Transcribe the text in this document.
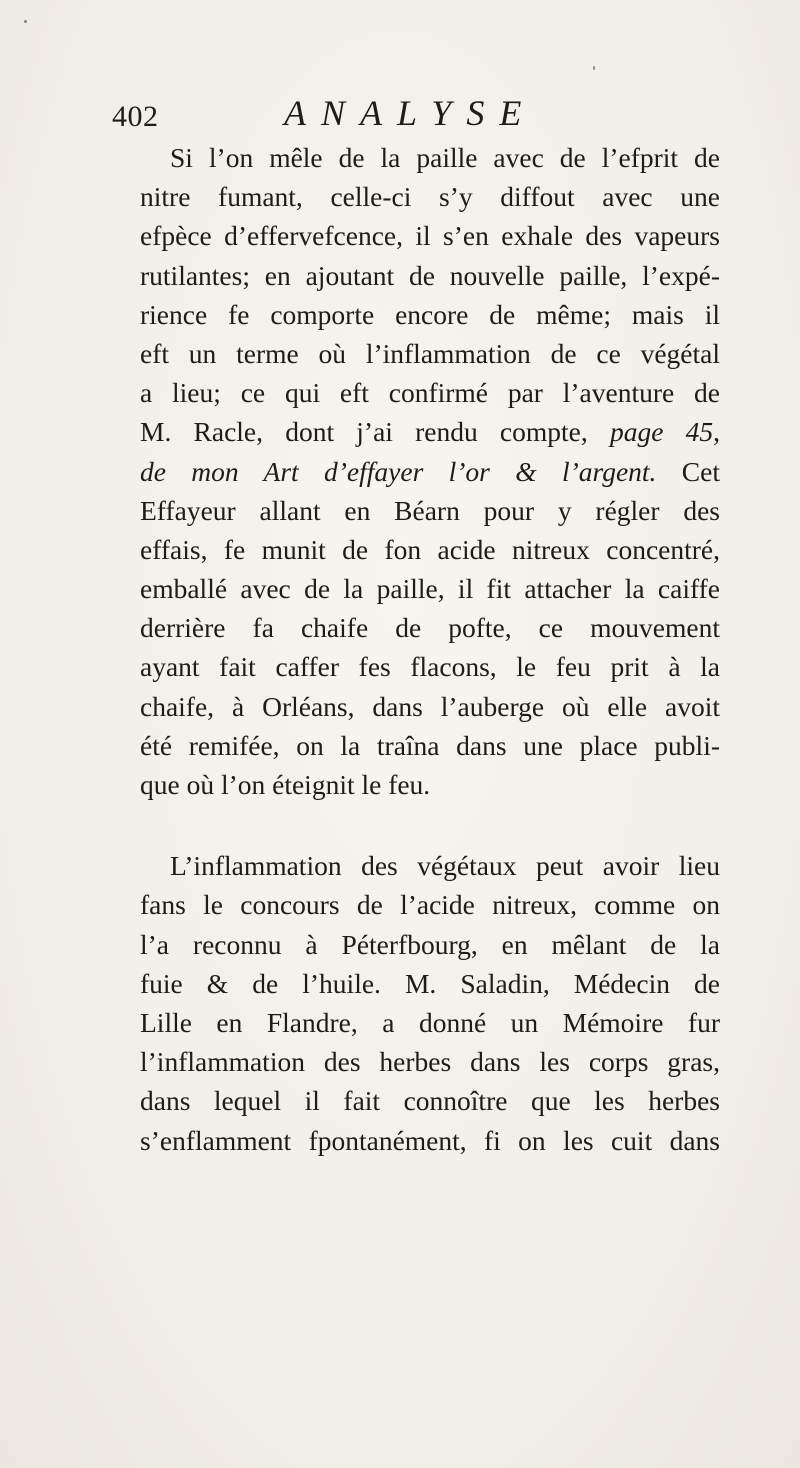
402	ANALYSE
Si l’on mêle de la paille avec de l’efprit de
nitre fumant, celle-ci s’y diffout avec une
efpèce d’effervefcence, il s’en exhale des vapeurs
rutilantes; en ajoutant de nouvelle paille, l’expé-
rience fe comporte encore de même; mais il
eft un terme où l’inflammation de ce végétal
a lieu; ce qui eft confirmé par l’aventure de
M. Racle, dont j’ai rendu compte, page 45,
de mon Art d’effayer l’or & l’argent. Cet
Effayeur allant en Béarn pour y régler des
effais, fe munit de fon acide nitreux concentré,
emballé avec de la paille, il fit attacher la caiffe
derrière fa chaife de pofte, ce mouvement
ayant fait caffer fes flacons, le feu prit à la
chaife, à Orléans, dans l’auberge où elle avoit
été remifée, on la traîna dans une place publi-
que où l’on éteignit le feu.
L’inflammation des végétaux peut avoir lieu
fans le concours de l’acide nitreux, comme on
l’a reconnu à Péterfbourg, en mêlant de la
fuie & de l’huile. M. Saladin, Médecin de
Lille en Flandre, a donné un Mémoire fur
l’inflammation des herbes dans les corps gras,
dans lequel il fait connoître que les herbes
s’enflamment fpontanément, fi on les cuit dans
